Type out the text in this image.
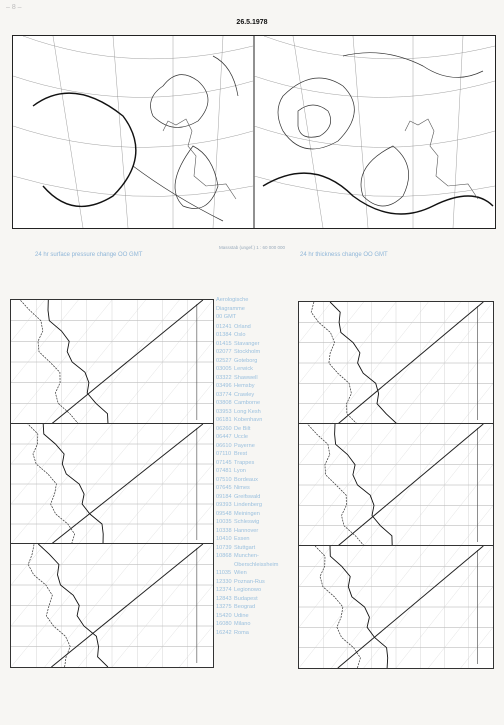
– 8 –
26.5.1978
Massstab (ungef.) 1 : 60 000 000
24 hr surface pressure change OO GMT	24 hr thickness change OO GMT
Aerologische
Diagramme
00 GMT
01241 Orland
01384 Oslo
01415 Stavanger
02077 Stockholm
02527 Goteborg
03005 Lerwick
03322 Shawwell
03496 Hemsby
03774 Crawley
03808 Camborne
03953 Long Kesh
06181 Kobenhavn
06260 De Bilt
06447 Uccle
06610 Payerne
07110 Brest
07145 Trappes
07481 Lyon
07510 Bordeaux
07645 Nimes
09184 Greifswald
09393 Lindenberg
09548 Meiningen
10035 Schleswig
10338 Hannover
10410 Essen
10739 Stuttgart
10868 Munchen-
Oberschleissheim
11035 Wien
12330 Poznan-Rus
12374 Legionowo
12843 Budapest
13275 Beograd
15420 Udine
16080 Milano
16242 Roma
